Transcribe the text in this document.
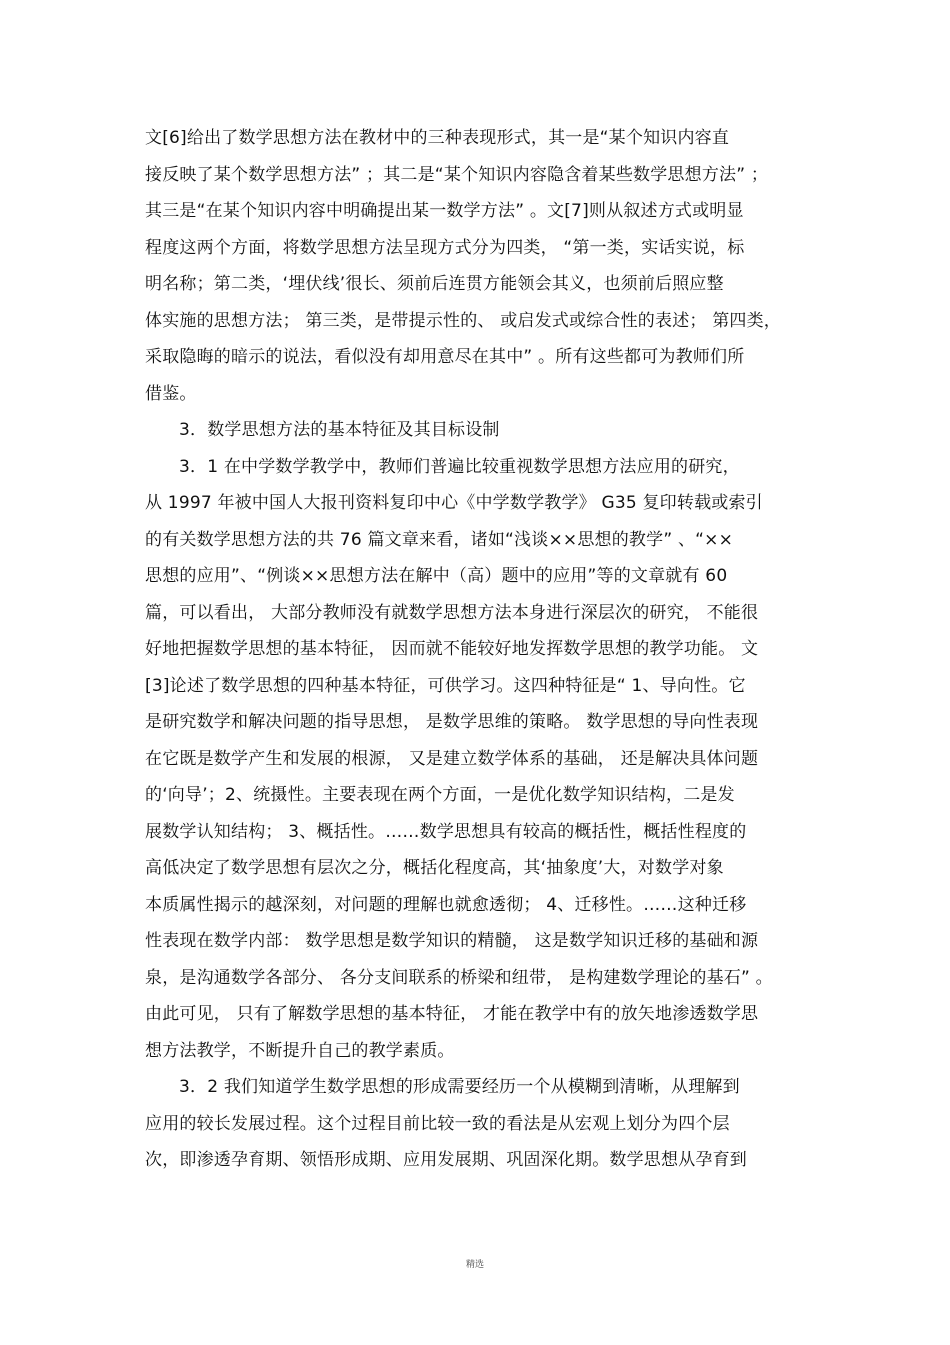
文[6]给出了数学思想方法在教材中的三种表现形式，其一是“某个知识内容直
接反映了某个数学思想方法” ；其二是“某个知识内容隐含着某些数学思想方法” ；
其三是“在某个知识内容中明确提出某一数学方法” 。文[7]则从叙述方式或明显
程度这两个方面，将数学思想方法呈现方式分为四类， “第一类，实话实说，标
明名称；第二类，‘埋伏线’很长、须前后连贯方能领会其义，也须前后照应整
体实施的思想方法； 第三类，是带提示性的、 或启发式或综合性的表述； 第四类，
采取隐晦的暗示的说法，看似没有却用意尽在其中” 。所有这些都可为教师们所
借鉴。
3．数学思想方法的基本特征及其目标设制
3．1 在中学数学教学中，教师们普遍比较重视数学思想方法应用的研究，
从 1997 年被中国人大报刊资料复印中心《中学数学教学》 G35 复印转载或索引
的有关数学思想方法的共 76 篇文章来看，诸如“浅谈××思想的教学” 、“××
思想的应用”、“例谈××思想方法在解中（高）题中的应用”等的文章就有 60
篇，可以看出， 大部分教师没有就数学思想方法本身进行深层次的研究， 不能很
好地把握数学思想的基本特征， 因而就不能较好地发挥数学思想的教学功能。 文
[3]论述了数学思想的四种基本特征，可供学习。这四种特征是“ 1、导向性。它
是研究数学和解决问题的指导思想， 是数学思维的策略。 数学思想的导向性表现
在它既是数学产生和发展的根源， 又是建立数学体系的基础， 还是解决具体问题
的‘向导’；2、统摄性。主要表现在两个方面，一是优化数学知识结构，二是发
展数学认知结构； 3、概括性。……数学思想具有较高的概括性，概括性程度的
高低决定了数学思想有层次之分，概括化程度高，其‘抽象度’大，对数学对象
本质属性揭示的越深刻，对问题的理解也就愈透彻； 4、迁移性。……这种迁移
性表现在数学内部： 数学思想是数学知识的精髓， 这是数学知识迁移的基础和源
泉，是沟通数学各部分、 各分支间联系的桥梁和纽带， 是构建数学理论的基石” 。
由此可见， 只有了解数学思想的基本特征， 才能在教学中有的放矢地渗透数学思
想方法教学，不断提升自己的教学素质。
3．2 我们知道学生数学思想的形成需要经历一个从模糊到清晰，从理解到
应用的较长发展过程。这个过程目前比较一致的看法是从宏观上划分为四个层
次，即渗透孕育期、领悟形成期、应用发展期、巩固深化期。数学思想从孕育到
精选
